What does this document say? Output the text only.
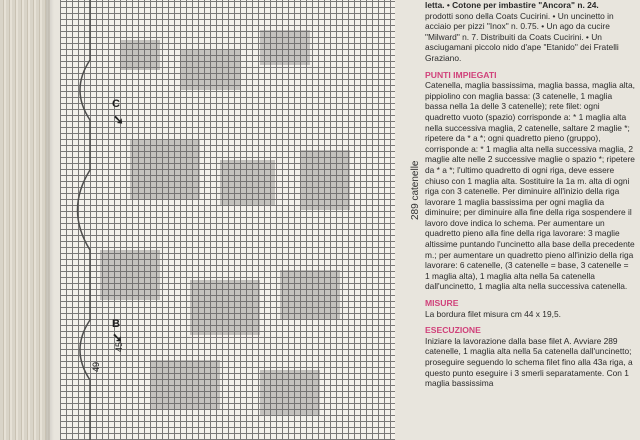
C
➘
B
➘
45
49
289 catenelle

letta. • Cotone per imbastire "Ancora" n. 24.

prodotti sono della Coats Cucirini. • Un uncinetto in acciaio per pizzi "Inox" n. 0.75. • Un ago da cucire "Milward" n. 7. Distribuiti da Coats Cucirini. • Un asciugamani piccolo nido d'ape "Etanido" dei Fratelli Graziano.

PUNTI IMPIEGATI

Catenella, maglia bassissima, maglia bassa, maglia alta, pippiolino con maglia bassa: (3 catenelle, 1 maglia bassa nella 1a delle 3 catenelle); rete filet: ogni quadretto vuoto (spazio) corrisponde a: * 1 maglia alta nella successiva maglia, 2 catenelle, saltare 2 maglie *; ripetere da * a *; ogni quadretto pieno (gruppo), corrisponde a: * 1 maglia alta nella successiva maglia, 2 maglie alte nelle 2 successive maglie o spazio *; ripetere da * a *; l'ultimo quadretto di ogni riga, deve essere chiuso con 1 maglia alta. Sostituire la 1a m. alta di ogni riga con 3 catenelle. Per diminuire all'inizio della riga lavorare 1 maglia bassissima per ogni maglia da diminuire; per diminuire alla fine della riga sospendere il lavoro dove indica lo schema. Per aumentare un quadretto pieno alla fine della riga lavorare: 3 maglie altissime puntando l'uncinetto alla base della precedente m.; per aumentare un quadretto pieno all'inizio della riga lavorare: 6 catenelle, (3 catenelle = base, 3 catenelle = 1 maglia alta), 1 maglia alta nella 5a catenella dall'uncinetto, 1 maglia alta nella successiva catenella.

MISURE

La bordura filet misura cm 44 x 19,5.

ESECUZIONE

Iniziare la lavorazione dalla base filet A. Avviare 289 catenelle, 1 maglia alta nella 5a catenella dall'uncinetto; proseguire seguendo lo schema filet fino alla 43a riga, a questo punto eseguire i 3 smerli separatamente. Con 1 maglia bassissima
